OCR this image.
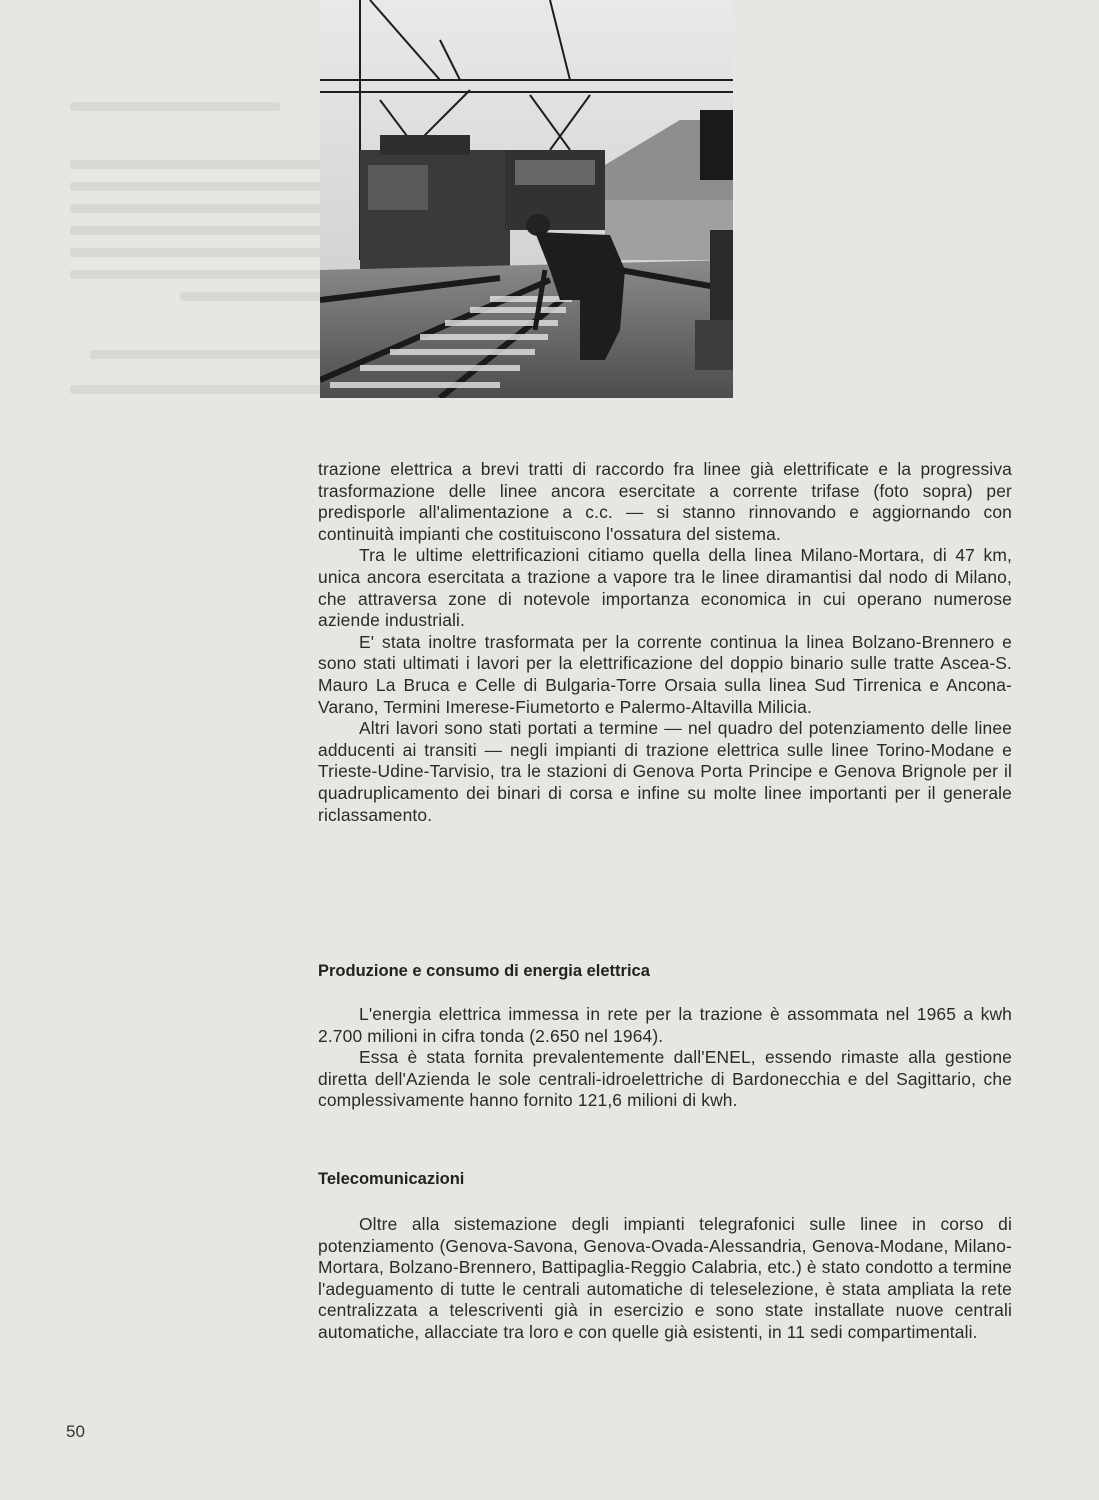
trazione elettrica a brevi tratti di raccordo fra linee già elettrificate e la progressiva trasformazione delle linee ancora esercitate a corrente trifase (foto sopra) per predisporle all'alimentazione a c.c. — si stanno rinnovando e aggiornando con continuità impianti che costituiscono l'ossatura del sistema.

Tra le ultime elettrificazioni citiamo quella della linea Milano-Mortara, di 47 km, unica ancora esercitata a trazione a vapore tra le linee diramantisi dal nodo di Milano, che attraversa zone di notevole importanza economica in cui operano numerose aziende industriali.

E' stata inoltre trasformata per la corrente continua la linea Bolzano-Brennero e sono stati ultimati i lavori per la elettrificazione del doppio binario sulle tratte Ascea-S. Mauro La Bruca e Celle di Bulgaria-Torre Orsaia sulla linea Sud Tirrenica e Ancona-Varano, Termini Imerese-Fiumetorto e Palermo-Altavilla Milicia.

Altri lavori sono stati portati a termine — nel quadro del potenziamento delle linee adducenti ai transiti — negli impianti di trazione elettrica sulle linee Torino-Modane e Trieste-Udine-Tarvisio, tra le stazioni di Genova Porta Principe e Genova Brignole per il quadruplicamento dei binari di corsa e infine su molte linee importanti per il generale riclassamento.

Produzione e consumo di energia elettrica

L'energia elettrica immessa in rete per la trazione è assommata nel 1965 a kwh 2.700 milioni in cifra tonda (2.650 nel 1964).

Essa è stata fornita prevalentemente dall'ENEL, essendo rimaste alla gestione diretta dell'Azienda le sole centrali-idroelettriche di Bardonecchia e del Sagittario, che complessivamente hanno fornito 121,6 milioni di kwh.

Telecomunicazioni

Oltre alla sistemazione degli impianti telegrafonici sulle linee in corso di potenziamento (Genova-Savona, Genova-Ovada-Alessandria, Genova-Modane, Milano-Mortara, Bolzano-Brennero, Battipaglia-Reggio Calabria, etc.) è stato condotto a termine l'adeguamento di tutte le centrali automatiche di teleselezione, è stata ampliata la rete centralizzata a telescriventi già in esercizio e sono state installate nuove centrali automatiche, allacciate tra loro e con quelle già esistenti, in 11 sedi compartimentali.

50
